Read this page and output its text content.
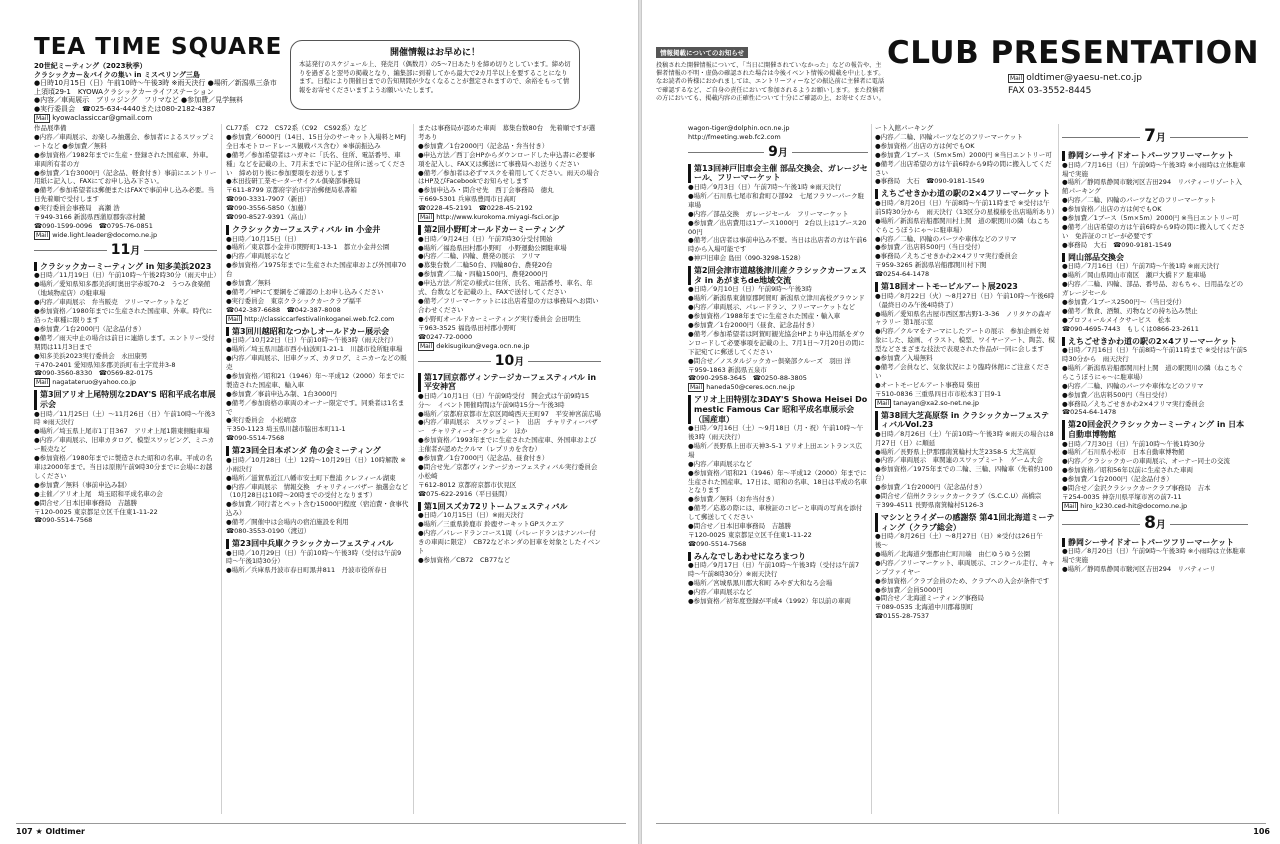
TEA TIME SQUARE

20世紀ミーティング（2023秋季）

クラシックカー＆バイクの集い in ミスペリング三島

●日時10月15日（日）午前10時〜午後3時 ※雨天決行 ●場所／新潟県三条市上須頃29-1　KYOWAクラシックカーライフステーション

●内容／車両展示　ブリッジング　フリマなど ●参加費／見学無料

●実行委員会　☎025-634-4440または080-2182-4387

Mail kyowaclassiccar@gmail.com

開催情報はお早めに！

本誌発行のスケジュール上、発売月（偶数月）の5〜7日あたりを締め切りとしています。締め切りを過ぎると翌号の掲載となり、編集部に到着してから最大で2カ月半以上を要することになります。日程により開催日までの告知期間が少なくなることが想定されますので、余裕をもって情報をお寄せくださいますようお願いいたします。

作品展準備

●内容／車両展示、お楽しみ抽選会、参加者によるスワップミートなど ●参加費／無料

●参加資格／1982年までに生産・登録された国産車、外車。車両所有者の方

●参加費／1台3000円（記念品、軽食付き）事前にエントリー用紙に記入し、FAXにてお申し込み下さい。

●備考／参加希望者は郵便またはFAXで事前申し込み必要。当日先着順で受付します

●実行委員会事務局　高瀬 浩

〒949-3166 新潟県西蒲原郡弥彦村麓

☎090-1599-0096　☎0795-76-0851

Mail wide.light.leader@docomo.ne.jp

11月

クラシックカーミーティング in 知多美浜2023

●日時／11月19日（日）午前10時〜午後2時30分（雨天中止）

●場所／愛知県知多郡美浜町奥田字赤坂70-2　うつみ食楽館（地域物産店）の駐車場

●内容／車両展示　弁当販売　フリーマーケットなど

●参加資格／1980年までに生産された国産車、外車。時代に沿った車種に限ります

●参加費／1台2000円（記念品付き）

●備考／雨天中止の場合は前日に連絡します。エントリー受付期間は11月3日まで

●知多美浜2023実行委員会　永田康男

〒470-2401 愛知県知多郡美浜町布土字荒井3-8

☎090-3560-8330　☎0569-82-0175

Mail nagatateruo@yahoo.co.jp

第3回アリオ上尾特別な2DAY'S 昭和平成名車展示会

●日時／11月25日（土）〜11月26日（日）午前10時〜午後3時 ※雨天決行

●場所／埼玉県上尾市1丁目367　アリオ上尾1階東側駐車場

●内容／車両展示、旧車カタログ、模型スワッピング、ミニカー販売など

●参加資格／1980年までに製造された昭和の名車。平成の名車は2000年まで。当日は原則午前9時30分までに会場にお越しください

●参加費／無料（事前申込み制）

●主催／アリオ上尾　埼玉昭和平成名車の会

●問合せ／日本旧車事務局　吉越勝

〒120-0025 東京都足立区千住東1-11-22

☎090-5514-7568

CL77系　C72　CS72系（C92　CS92系）など

●参加費／6000円（14日、15日分のサーキット入場料とMFJ全日本モトロードレース観戦パス含む）※事前振込み

●備考／参加希望者はハガキに「氏名、住所、電話番号、車種」などを記載の上、7月末までに下記の住所に送ってください　締め切り後に参加要項をお送りします

●本田技研工業モーターサイクル俱楽部事務局

〒611-8799 京都府宇治市宇治郵便局私書箱

☎090-3331-7907（新田）

☎090-3556-5850（加藤）

☎090-8527-9391（高山）

クラシックカーフェスティバル in 小金井

●日時／10月15日（日）

●場所／東京都小金井市関野町1-13-1　都立小金井公園

●内容／車両展示など

●参加資格／1975年までに生産された国産車および外国車70台

●参加費／無料

●備考／HPにて要綱をご確認の上お申し込みください

●実行委員会　東京クラシックカークラブ福平

☎042-387-6688　☎042-387-8008

Mail http://classiccarfestivalinkoganei.web.fc2.com

第3回川越昭和なつかしオールドカー展示会

●日時／10月22日（日）午前10時〜午後3時（雨天決行）

●場所／埼玉県川越市西小仙波町1-21-1　川越市役所駐車場

●内容／車両展示、旧車グッズ、カタログ、ミニカーなどの販売

●参加資格／昭和21（1946）年〜平成12（2000）年までに製造された国産車、輸入車

●参加費／事前申込み制、1台3000円

●備考／参加資格の車両のオーナー限定です。同乗者は1名まで

●実行委員会　小松晴彦

〒350-1123 埼玉県川越市脇田本町11-1

☎090-5514-7568

第23回全日本ボンダ 角の会ミーティング

●日時／10月28日（土）12時〜10月29日（日）10時解散 ※小雨決行

●場所／滋賀県近江八幡市安土町下豊浦 クレフィール湖東

●内容／車両展示　情報交換　チャリティーバザー 抽選会など（10月28日は10時〜20時までの受付となります）

●参加費／同行者とペット含む15000円程度（宿泊費・食事代込み）

●備考／開催中は会場内の宿泊施設を利用

☎080-3553-0190（渡辺）

第23回中兵庫クラシックカーフェスティバル

●日時／10月29日（日）午前10時〜午後3時（受付は午前9時〜午後1時30分）

●場所／兵庫県丹波市春日町黒井811　丹波市役所春日

または事務局が認めた車両　募集台数80台　先着順ですが選考あり

●参加費／1台2000円（記念品・弁当付き）

●申込方法／西丁会HPからダウンロードした申込書に必要事項を記入し、FAX又は郵送にて事務局へお送りください

●備考／参加者は必ずマスクを着用してください。雨天の場合はHP及びFacebookでお知らせします

●参加申込み・問合せ先　西丁会事務局　徳丸

〒669-5301 兵庫県豊岡市日高町

☎0228-45-2191　☎0228-45-2192

Mail http://www.kurokoma.miyagi-fsci.or.jp

第2回小野町オールドカーミーティング

●日時／9月24日（日）午前7時30分受付開始

●場所／福島県田村郡小野町　小野運動公園駐車場

●内容／二輪、四輪、農発の展示　フリマ

●募集台数／二輪50台、四輪80台、農発20台

●参加費／二輪・四輪1500円、農発2000円

●申込方法／所定の様式に住所、氏名、電話番号、車名、年式、台数などを記載の上、FAXで送付してください

●備考／フリーマーケットには出店希望の方は事務局へお問い合わせください

●小野町オールドカーミーティング実行委員会 会田明生

〒963-3525 福島県田村郡小野町

☎0247-72-0000

Mail dekisugikun@vega.ocn.ne.jp

10月

第17回京都ヴィンテージカーフェスティバル in 平安神宮

●日時／10月1日（日）午前9時受付　開会式は午前9時15分〜　イベント開催時間は午前9時15分〜午後3時

●場所／京都府京都市左京区岡崎西天王町97　平安神宮前広場

●内容／車両展示　スワップミート　出店　チャリティーバザー　チャリティーオークション　ほか

●参加資格／1993年までに生産された国産車、外国車および主催者が認めたクルマ（レプリカを含む）

●参加費／1台7000円（記念品、昼食付き）

●問合せ先／京都ヴィンテージカーフェスティバル実行委員会　小松崎

〒612-8012 京都府京都市伏見区

☎075-622-2916（平日昼間）

第1回スズカ72リトームフェスティバル

●日時／10月15日（日）※雨天決行

●場所／三重県鈴鹿市 鈴鹿サーキットGPスクエア

●内容／パレードランコース1周（パレードランはナンバー付きの車両に限定）　CB72などホンダの旧車を対象としたイベント

●参加資格／CB72　CB77など

107 ★ Oldtimer
情報掲載についてのお知らせ

投稿された開催情報について、「当日に開催されていなかった」などの報告や、主催者情報の不明・虚偽の確認された場合は今後イベント情報の掲載を中止します。なお読者の皆様におかれましては、エントリーフィーなどの振込前に主催者に電話で確認するなど、ご自身の責任において参加されるようお願いします。また投稿者の方においても、掲載内容の正確性について十分にご確認の上、お寄せください。

CLUB PRESENTATION
Mail oldtimer@yaesu-net.co.jp
FAX 03-3552-8445

wagon-tiger@dolphin.ocn.ne.jp

http://fmeeting.web.fc2.com

9月

第13回神戸旧車会主催 部品交換会、ガレージセール、フリーマーケット

●日時／9月3日（日）午前7時〜午後1時 ※雨天決行

●場所／石川県七尾市和倉町ひ部92　七尾フラワーパーク駐車場

●内容／部品交換　ガレージセール　フリーマーケット

●参加費／出店費用は1ブース1000円　2台以上は1ブース2000円

●備考／出店者は事前申込み不要。当日は出店者の方は午前6時から入場可能です

●神戸旧車会 島田（090-3298-1528）

第2回会津市道越後津川産クラシックカーフェスタ in あがまちde地域交流

●日時／9月10日（日）午前9時〜午後3時

●場所／新潟県東蒲原郡阿賀町 新潟県立津川高校グラウンド

●内容／車両展示、パレードラン、フリーマーケットなど

●参加資格／1988年までに生産された国産・輸入車

●参加費／1台2000円（昼食、記念品付き）

●備考／参加希望者は阿賀町観光協会HPより申込用紙をダウンロードして必要事項を記載の上、7月1日〜7月20日の間に下記宛てに郵送してください

●問合せ／ノスタルジックカー倶楽部クルーズ　羽田 洋

〒959-1863 新潟県五泉市

☎090-2958-3645　☎0250-88-3805

Mail haneda50@ceres.ocn.ne.jp

アリオ上田特別な3DAY'S Showa Heisei Domestic Famous Car 昭和平成名車展示会（国産車）

●日時／9月16日（土）〜9月18日（月・祝）午前10時〜午後3時（雨天決行）

●場所／長野県上田市天神3-5-1 アリオ上田エントランス広場

●内容／車両展示など

●参加資格／昭和21（1946）年〜平成12（2000）年までに生産された国産車。17日は、昭和の名車、18日は平成の名車となります

●参加費／無料（お弁当付き）

●備考／応募の際には、車検証のコピーと車両の写真を添付して郵送してください

●問合せ／日本旧車事務局　吉越勝

〒120-0025 東京都足立区千住東1-11-22

☎090-5514-7568

みんなでしあわせになろまつり

●日時／9月17日（日）午前10時〜午後3時（受付は午前7時〜午前8時30分）※雨天決行

●場所／宮城県黒川郡大和町 みやぎ大和なろ会場

●内容／車両展示など

●参加資格／初年度登録が平成4（1992）年以前の車両

ート入館パーキング

●内容／二輪、四輪パーツなどのフリーマーケット

●参加資格／出店の方は何でもOK

●参加費／1ブース（5m×5m）2000円 ※当日エントリー可

●備考／出店希望の方は午前6時から9時の間に搬入してください

●事務局　大石　☎090-9181-1549

えちごせきかわ道の駅の2×4フリーマーケット

●日時／8月20日（日）午前8時〜午前11時まで ※受付は午前5時30分から　雨天決行（13区分の星模様を出店場所あり）

●場所／新潟県岩船郡関川村上関　道の駅関川の隣（ねこちぐらこうぼうにゃ〜に駐車場）

●内容／二輪、四輪のパーツや車体などのフリマ

●参加費／出店料500円（当日受付）

●事務局／えちごせきかわ2×4フリマ実行委員会

〒959-3265 新潟県岩船郡関川村下関

☎0254-64-1478

第18回オートモービルアート展2023

●日時／8月22日（火）〜8月27日（日）午前10時〜午後6時（最終日のみ午後4時終了）

●場所／愛知県名古屋市西区那古野1-3-36　ノリタケの森ギャラリー 第1展示室

●内容／クルマをテーマにしたアートの展示　参加企画を対象にした、絵画、イラスト、模型、ワイヤーアート、陶芸、模型などさまざまな技法で表現された作品が一同に会します

●参加費／入場無料

●備考／会員など、気象状況により臨時休館にご注意ください

●オートモービルアート事務局 柴田

〒510-0836 三重県四日市市松本3丁目9-1

Mail tanayan@xa2.so-net.ne.jp

第38回大芝高原祭 in クラシックカーフェスティバルVol.23

●日時／8月26日（土）午前10時〜午後3時 ※雨天の場合は8月27日（日）に順延

●場所／長野県上伊那郡南箕輪村大芝2358-5 大芝高原

●内容／車両展示　車関連のスワップミート　ゲーム大会

●参加資格／1975年までの二輪、三輪、四輪車（先着約100台）

●参加費／1台2000円（記念品付き）

●問合せ／信州クラシックカークラブ（S.C.C.U）高橋宗

〒399-4511 長野県南箕輪村5126-3

マシンとライダーの感謝祭 第41回北海道ミーティング（クラブ総会）

●日時／8月26日（土）〜8月27日（日）※受付は26日午後〜

●場所／北海道夕張郡由仁町川端　由仁ゆうゆう公園

●内容／フリーマーケット、車両展示、コンクール走行、キャンプファイヤー

●参加資格／クラブ会員のため、クラブへの入会が条件です

●参加費／会員5000円

●問合せ／北海道ミーティング事務局

〒089-0535 北海道中川郡幕別町

☎0155-28-7537

7月

静岡シーサイドオートパーツフリーマーケット

●日時／7月16日（日）午前9時〜午後3時 ※小雨時は立体駐車場で実施

●場所／静岡県静岡市駿河区吉田294　リバティーリゾート入館パーキング

●内容／二輪、四輪のパーツなどのフリーマーケット

●参加資格／出店の方は何でもOK

●参加費／1ブース（5m×5m）2000円 ※当日エントリー可

●備考／出店希望の方は午前6時から9時の間に搬入してください　免許証のコピーが必要です

●事務局　大石　☎090-9181-1549

岡山部品交換会

●日時／7月16日（日）午前7時〜午後1時 ※雨天決行

●場所／岡山県岡山市南区　瀬戸大橋ドア 駐車場

●内容／二輪、四輪、部品、番号品、おもちゃ、日用品などのガレージセール

●参加費／1ブース2500円〜（当日受付）

●備考／飲食、酒類、刃物などの持ち込み禁止

●プロフィールメイクサービス　松本

☎090-4695-7443　もしくは0866-23-2611

えちごせきかわ道の駅の2×4フリーマーケット

●日時／7月16日（日）午前8時〜午前11時まで ※受付は午前5時30分から　雨天決行

●場所／新潟県岩船郡関川村上関　道の駅関川の隣（ねこちぐらこうぼうにゃ〜に駐車場）

●内容／二輪、四輪のパーツや車体などのフリマ

●参加費／出店料500円（当日受付）

●事務局／えちごせきかわ2×4フリマ実行委員会

☎0254-64-1478

第20回金沢クラシックカーミーティング in 日本自動車博物館

●日時／7月30日（日）午前10時〜午後1時30分

●場所／石川県小松市　日本自動車博物館

●内容／クラシックカーの車両展示、オーナー同士の交流

●参加資格／昭和56年以前に生産された車両

●参加費／1台2000円（記念品付き）

●問合せ／金沢クラシックカークラブ事務局　吉本

〒254-0035 神奈川県平塚市宮の前7-11

Mail hiro_k230.ced-hit@docomo.ne.jp

8月

静岡シーサイドオートパーツフリーマーケット

●日時／8月20日（日）午前9時〜午後3時 ※小雨時は立体駐車場で実施

●場所／静岡県静岡市駿河区吉田294　リバティーリ

106
